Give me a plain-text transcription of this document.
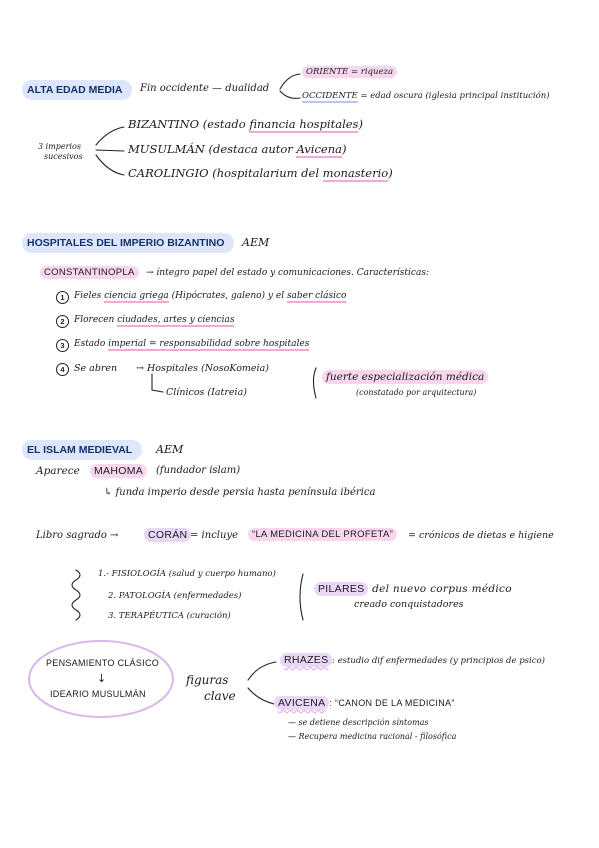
ALTA EDAD MEDIA	Fin occidente — dualidad
ORIENTE = riqueza
OCCIDENTE = edad oscura (iglesia principal institución)
3 imperios
sucesivos
BIZANTINO (estado financia hospitales)
MUSULMÁN (destaca autor Avicena)
CAROLINGIO (hospitalarium del monasterio)
HOSPITALES DEL IMPERIO BIZANTINO	AEM
CONSTANTINOPLA	→ íntegro papel del estado y comunicaciones. Características:
1	Fieles ciencia griega (Hipócrates, galeno) y el saber clásico
2	Florecen ciudades, artes y ciencias
3	Estado imperial = responsabilidad sobre hospitales
4 Se abren → Hospitales (NosoKomeia)
Clínicos (Iatreia)
fuerte especialización médica
(constatado por arquitectura)
EL ISLAM MEDIEVAL	AEM
Aparece	MAHOMA	(fundador islam)
↳ funda imperio desde persia hasta península ibérica
Libro sagrado →	CORÁN = incluye	“LA MEDICINA DEL PROFETA”	= crónicos de dietas e higiene
1.- FISIOLOGÍA (salud y cuerpo humano)
2. PATOLOGÍA (enfermedades)
3. TERAPÉUTICA (curación)
PILARES del nuevo corpus médico
creado conquistadores
PENSAMIENTO CLÁSICO
↓
IDEARIO MUSULMÁN
figuras
clave
RHAZES : estudio dif enfermedades (y principios de psico)
AVICENA : “CANON DE LA MEDICINA”
— se detiene descripción síntomas
— Recupera medicina racional - filosófica
